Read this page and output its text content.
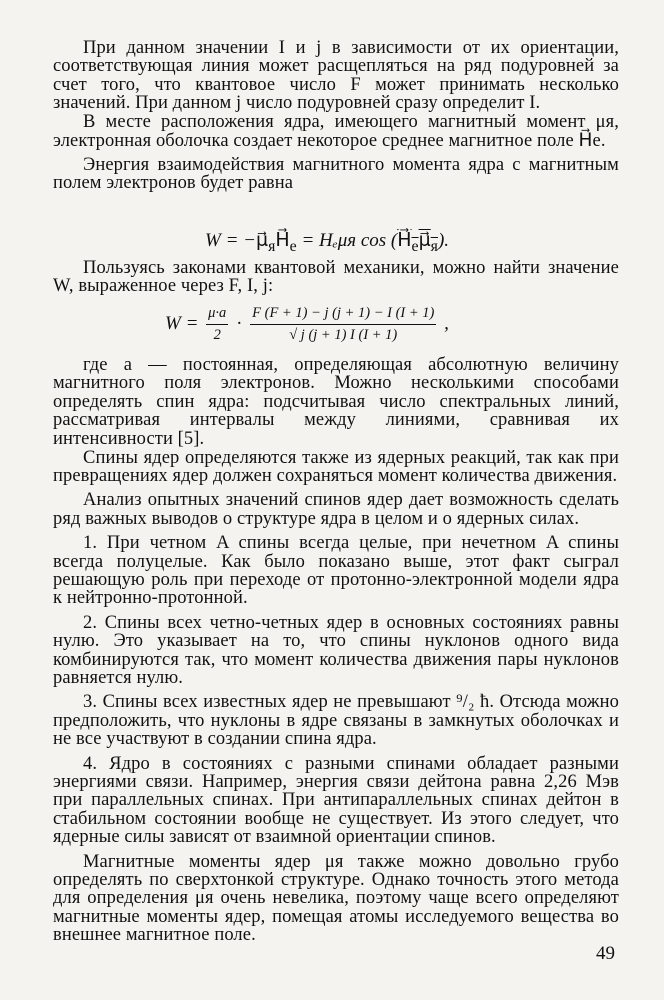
При данном значении I и j в зависимости от их ориентации, соответствующая линия может расщепляться на ряд подуровней за счет того, что квантовое число F может принимать несколько значений. При данном j число подуровней сразу определит I.

В месте расположения ядра, имеющего магнитный момент μя, электронная оболочка создает некоторое среднее магнитное поле H⃗e.

Энергия взаимодействия магнитного момента ядра с магнитным полем электронов будет равна

$W = -\mu⃗_яH⃗_e = H_e\mu я$ $\cos (H⃗_e\mu⃗_я)$.

Пользуясь законами квантовой механики, можно найти значение W, выраженное через F, I, j:

$W = \frac{\mu\cdot a}{2} \cdot \frac{F (F + 1) - j (j + 1) - I (I + 1)}{√ j (j + 1) I (I + 1)}$ ,

где a — постоянная, определяющая абсолютную величину магнитного поля электронов. Можно несколькими способами определять спин ядра: подсчитывая число спектральных линий, рассматривая интервалы между линиями, сравнивая их интенсивности [5].

Спины ядер определяются также из ядерных реакций, так как при превращениях ядер должен сохраняться момент количества движения.

Анализ опытных значений спинов ядер дает возможность сделать ряд важных выводов о структуре ядра в целом и о ядерных силах.

1. При четном A спины всегда целые, при нечетном A спины всегда полуцелые. Как было показано выше, этот факт сыграл решающую роль при переходе от протонно-электронной модели ядра к нейтронно-протонной.

2. Спины всех четно-четных ядер в основных состояниях равны нулю. Это указывает на то, что спины нуклонов одного вида комбинируются так, что момент количества движения пары нуклонов равняется нулю.

3. Спины всех известных ядер не превышают ⁹/₂ ħ. Отсюда можно предположить, что нуклоны в ядре связаны в замкнутых оболочках и не все участвуют в создании спина ядра.

4. Ядро в состояниях с разными спинами обладает разными энергиями связи. Например, энергия связи дейтона равна 2,26 Мэв при параллельных спинах. При антипараллельных спинах дейтон в стабильном состоянии вообще не существует. Из этого следует, что ядерные силы зависят от взаимной ориентации спинов.

Магнитные моменты ядер μя также можно довольно грубо определять по сверхтонкой структуре. Однако точность этого метода для определения μя очень невелика, поэтому чаще всего определяют магнитные моменты ядер, помещая атомы исследуемого вещества во внешнее магнитное поле.

49
